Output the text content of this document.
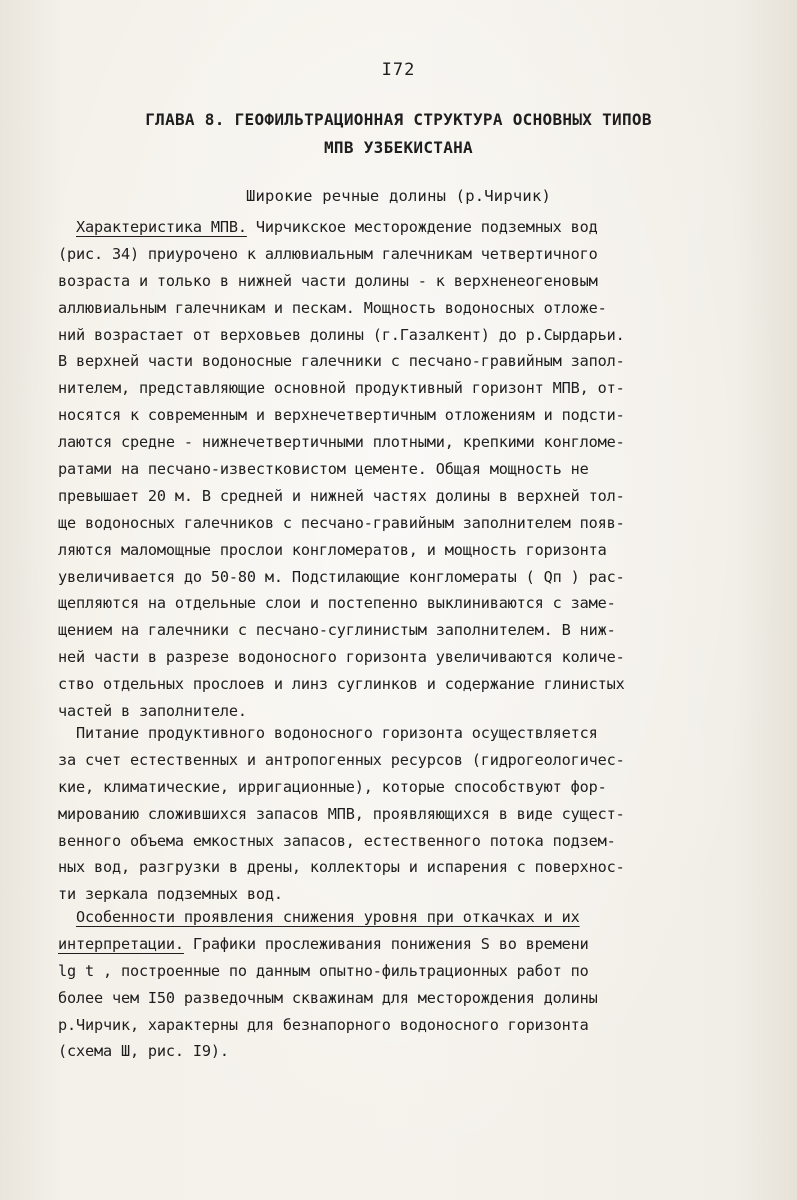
I72
ГЛАВА 8. ГЕОФИЛЬТРАЦИОННАЯ СТРУКТУРА ОСНОВНЫХ ТИПОВ
МПВ УЗБЕКИСТАНА
Широкие речные долины (р.Чирчик)
Характеристика МПВ. Чирчикское месторождение подземных вод
(рис. 34) приурочено к аллювиальным галечникам четвертичного
возраста и только в нижней части долины - к верхненеогеновым
аллювиальным галечникам и пескам. Мощность водоносных отложе-
ний возрастает от верховьев долины (г.Газалкент) до р.Сырдарьи.
В верхней части водоносные галечники с песчано-гравийным запол-
нителем, представляющие основной продуктивный горизонт МПВ, от-
носятся к современным и верхнечетвертичным отложениям и подсти-
лаются средне - нижнечетвертичными плотными, крепкими конгломе-
ратами на песчано-известковистом цементе. Общая мощность не
превышает 20 м. В средней и нижней частях долины в верхней тол-
ще водоносных галечников с песчано-гравийным заполнителем появ-
ляются маломощные прослои конгломератов, и мощность горизонта
увеличивается до 50-80 м. Подстилающие конгломераты ( Qп ) рас-
щепляются на отдельные слои и постепенно выклиниваются с заме-
щением на галечники с песчано-суглинистым заполнителем. В ниж-
ней части в разрезе водоносного горизонта увеличиваются количе-
ство отдельных прослоев и линз суглинков и содержание глинистых
частей в заполнителе.
Питание продуктивного водоносного горизонта осуществляется
за счет естественных и антропогенных ресурсов (гидрогеологичес-
кие, климатические, ирригационные), которые способствуют фор-
мированию сложившихся запасов МПВ, проявляющихся в виде сущест-
венного объема емкостных запасов, естественного потока подзем-
ных вод, разгрузки в дрены, коллекторы и испарения с поверхнос-
ти зеркала подземных вод.
Особенности проявления снижения уровня при откачках и их
интерпретации. Графики прослеживания понижения S во времени
lg t , построенные по данным опытно-фильтрационных работ по
более чем I50 разведочным скважинам для месторождения долины
р.Чирчик, характерны для безнапорного водоносного горизонта
(схема Ш, рис. I9).
